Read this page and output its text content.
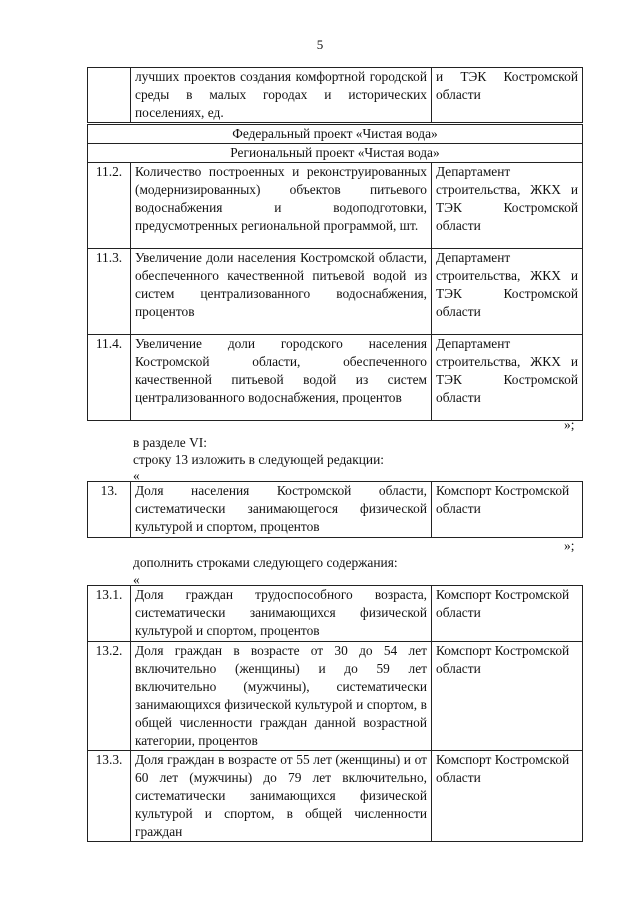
5
	лучших проектов создания комфортной городской среды в малых городах и исторических поселениях, ед.	и ТЭК Костромской области
Федеральный проект «Чистая вода»		
Региональный проект «Чистая вода»		
11.2.	Количество построенных и реконструированных (модернизированных) объектов питьевого водоснабжения и водоподготовки, предусмотренных региональной программой, шт.	Департамент строительства, ЖКХ и ТЭК Костромской области
11.3.	Увеличение доли населения Костромской области, обеспеченного качественной питьевой водой из систем централизованного водоснабжения, процентов	Департамент строительства, ЖКХ и ТЭК Костромской области
11.4.	Увеличение доли городского населения Костромской области, обеспеченного качественной питьевой водой из систем централизованного водоснабжения, процентов	Департамент строительства, ЖКХ и ТЭК Костромской области
»;
в разделе VI:
строку 13 изложить в следующей редакции:
«
13.	Доля населения Костромской области, систематически занимающегося физической культурой и спортом, процентов	Комспорт Костромской области
»;
дополнить строками следующего содержания:
«
13.1.	Доля граждан трудоспособного возраста, систематически занимающихся физической культурой и спортом, процентов	Комспорт Костромской области
13.2.	Доля граждан в возрасте от 30 до 54 лет включительно (женщины) и до 59 лет включительно (мужчины), систематически занимающихся физической культурой и спортом, в общей численности граждан данной возрастной категории, процентов	Комспорт Костромской области
13.3.	Доля граждан в возрасте от 55 лет (женщины) и от 60 лет (мужчины) до 79 лет включительно, систематически занимающихся физической культурой и спортом, в общей численности граждан	Комспорт Костромской области
